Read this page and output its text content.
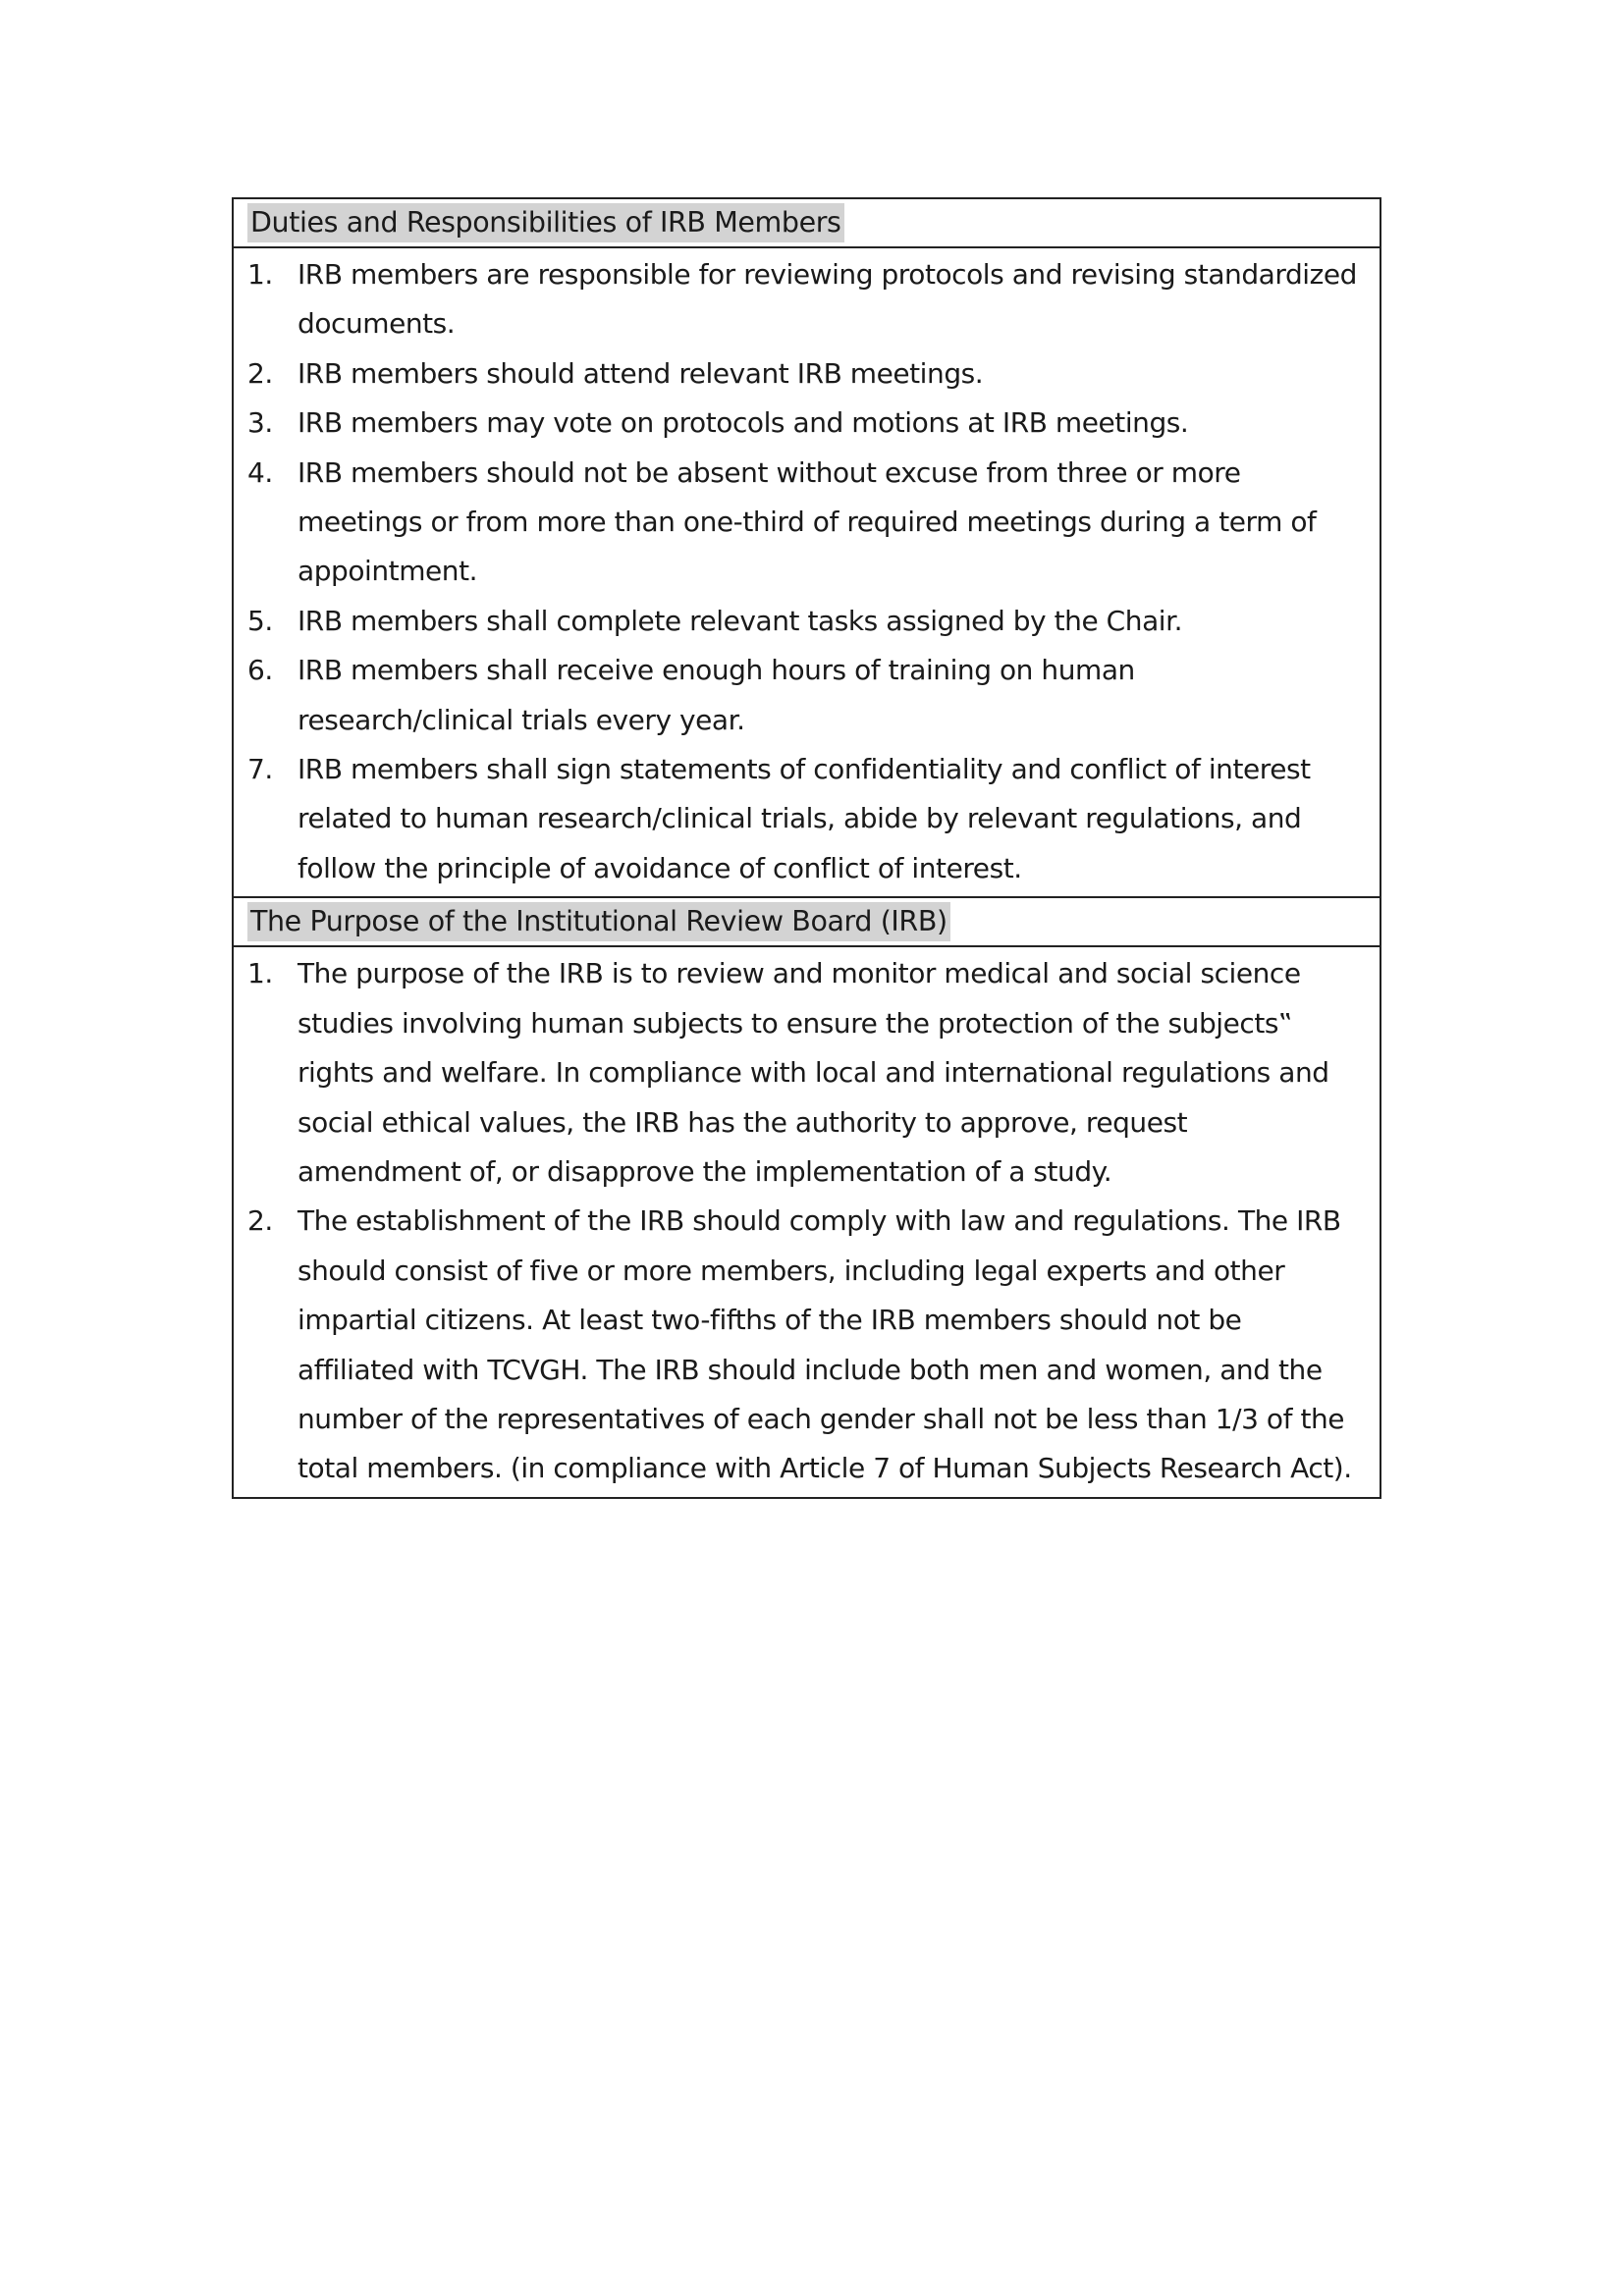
Duties and Responsibilities of IRB Members
1. IRB members are responsible for reviewing protocols and revising standardized documents.
2. IRB members should attend relevant IRB meetings.
3. IRB members may vote on protocols and motions at IRB meetings.
4. IRB members should not be absent without excuse from three or more meetings or from more than one-third of required meetings during a term of appointment.
5. IRB members shall complete relevant tasks assigned by the Chair.
6. IRB members shall receive enough hours of training on human research/clinical trials every year.
7. IRB members shall sign statements of confidentiality and conflict of interest related to human research/clinical trials, abide by relevant regulations, and follow the principle of avoidance of conflict of interest.
The Purpose of the Institutional Review Board (IRB)
1. The purpose of the IRB is to review and monitor medical and social science studies involving human subjects to ensure the protection of the subjects‟ rights and welfare. In compliance with local and international regulations and social ethical values, the IRB has the authority to approve, request amendment of, or disapprove the implementation of a study.
2. The establishment of the IRB should comply with law and regulations. The IRB should consist of five or more members, including legal experts and other impartial citizens. At least two-fifths of the IRB members should not be affiliated with TCVGH. The IRB should include both men and women, and the number of the representatives of each gender shall not be less than 1/3 of the total members. (in compliance with Article 7 of Human Subjects Research Act).
